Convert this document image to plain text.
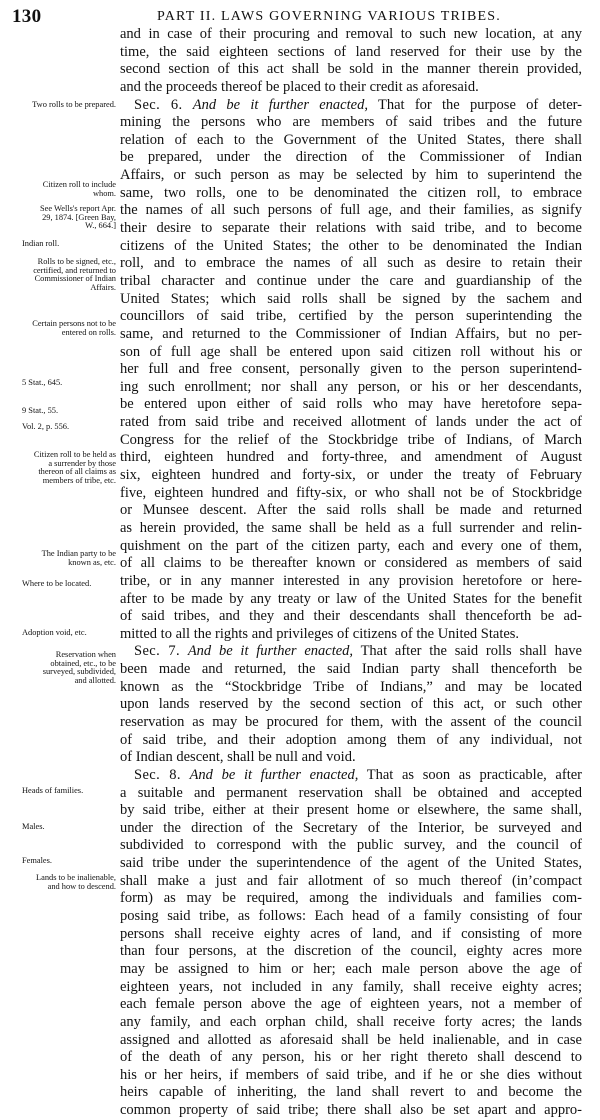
130	PART II. LAWS GOVERNING VARIOUS TRIBES.
Two rolls to be prepared.
Citizen roll to include whom.
See Wells's report Apr. 29, 1874. [Green Bay, W., 664.]
Indian roll.
Rolls to be signed, etc., certified, and returned to Commissioner of Indian Affairs.
Certain persons not to be entered on rolls.
5 Stat., 645.
9 Stat., 55.
Vol. 2, p. 556.
Citizen roll to be held as a surrender by those thereon of all claims as members of tribe, etc.
The Indian party to be known as, etc.
Where to be located.
Adoption void, etc.
Reservation when obtained, etc., to be surveyed, subdivided, and allotted.
Heads of families.
Males.
Females.
Lands to be inalienable, and how to descend.
and in case of their procuring and removal to such new location, at any
time, the said eighteen sections of land reserved for their use by the
second section of this act shall be sold in the manner therein provided,
and the proceeds thereof be placed to their credit as aforesaid.
Sec. 6. And be it further enacted, That for the purpose of deter-
mining the persons who are members of said tribes and the future
relation of each to the Government of the United States, there shall
be prepared, under the direction of the Commissioner of Indian
Affairs, or such person as may be selected by him to superintend the
same, two rolls, one to be denominated the citizen roll, to embrace
the names of all such persons of full age, and their families, as signify
their desire to separate their relations with said tribe, and to become
citizens of the United States; the other to be denominated the Indian
roll, and to embrace the names of all such as desire to retain their
tribal character and continue under the care and guardianship of the
United States; which said rolls shall be signed by the sachem and
councillors of said tribe, certified by the person superintending the
same, and returned to the Commissioner of Indian Affairs, but no per-
son of full age shall be entered upon said citizen roll without his or
her full and free consent, personally given to the person superintend-
ing such enrollment; nor shall any person, or his or her descendants,
be entered upon either of said rolls who may have heretofore sepa-
rated from said tribe and received allotment of lands under the act of
Congress for the relief of the Stockbridge tribe of Indians, of March
third, eighteen hundred and forty-three, and amendment of August
six, eighteen hundred and forty-six, or under the treaty of February
five, eighteen hundred and fifty-six, or who shall not be of Stockbridge
or Munsee descent. After the said rolls shall be made and returned
as herein provided, the same shall be held as a full surrender and relin-
quishment on the part of the citizen party, each and every one of them,
of all claims to be thereafter known or considered as members of said
tribe, or in any manner interested in any provision heretofore or here-
after to be made by any treaty or law of the United States for the benefit
of said tribes, and they and their descendants shall thenceforth be ad-
mitted to all the rights and privileges of citizens of the United States.
Sec. 7. And be it further enacted, That after the said rolls shall have
been made and returned, the said Indian party shall thenceforth be
known as the “Stockbridge Tribe of Indians,” and may be located
upon lands reserved by the second section of this act, or such other
reservation as may be procured for them, with the assent of the council
of said tribe, and their adoption among them of any individual, not
of Indian descent, shall be null and void.
Sec. 8. And be it further enacted, That as soon as practicable, after
a suitable and permanent reservation shall be obtained and accepted
by said tribe, either at their present home or elsewhere, the same shall,
under the direction of the Secretary of the Interior, be surveyed and
subdivided to correspond with the public survey, and the council of
said tribe under the superintendence of the agent of the United States,
shall make a just and fair allotment of so much thereof (in’compact
form) as may be required, among the individuals and families com-
posing said tribe, as follows: Each head of a family consisting of four
persons shall receive eighty acres of land, and if consisting of more
than four persons, at the discretion of the council, eighty acres more
may be assigned to him or her; each male person above the age of
eighteen years, not included in any family, shall receive eighty acres;
each female person above the age of eighteen years, not a member of
any family, and each orphan child, shall receive forty acres; the lands
assigned and allotted as aforesaid shall be held inalienable, and in case
of the death of any person, his or her right thereto shall descend to
his or her heirs, if members of said tribe, and if he or she dies without
heirs capable of inheriting, the land shall revert to and become the
common property of said tribe; there shall also be set apart and appro-
